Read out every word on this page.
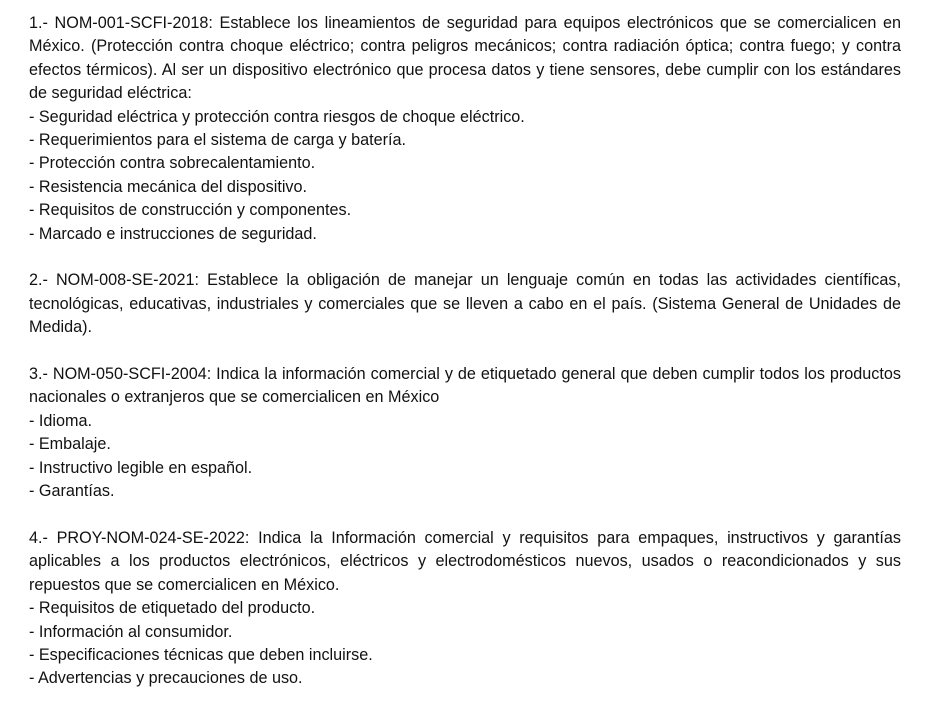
1.- NOM-001-SCFI-2018: Establece los lineamientos de seguridad para equipos electrónicos que se comercialicen en México. (Protección contra choque eléctrico; contra peligros mecánicos; contra radiación óptica; contra fuego; y contra efectos térmicos). Al ser un dispositivo electrónico que procesa datos y tiene sensores, debe cumplir con los estándares de seguridad eléctrica:

- Seguridad eléctrica y protección contra riesgos de choque eléctrico.
- Requerimientos para el sistema de carga y batería.
- Protección contra sobrecalentamiento.
- Resistencia mecánica del dispositivo.
- Requisitos de construcción y componentes.
- Marcado e instrucciones de seguridad.

2.- NOM-008-SE-2021: Establece la obligación de manejar un lenguaje común en todas las actividades científicas, tecnológicas, educativas, industriales y comerciales que se lleven a cabo en el país. (Sistema General de Unidades de Medida).

3.- NOM-050-SCFI-2004: Indica la información comercial y de etiquetado general que deben cumplir todos los productos nacionales o extranjeros que se comercialicen en México

- Idioma.
- Embalaje.
- Instructivo legible en español.
- Garantías.

4.- PROY-NOM-024-SE-2022: Indica la Información comercial y requisitos para empaques, instructivos y garantías aplicables a los productos electrónicos, eléctricos y electrodomésticos nuevos, usados o reacondicionados y sus repuestos que se comercialicen en México.

- Requisitos de etiquetado del producto.
- Información al consumidor.
- Especificaciones técnicas que deben incluirse.
- Advertencias y precauciones de uso.
